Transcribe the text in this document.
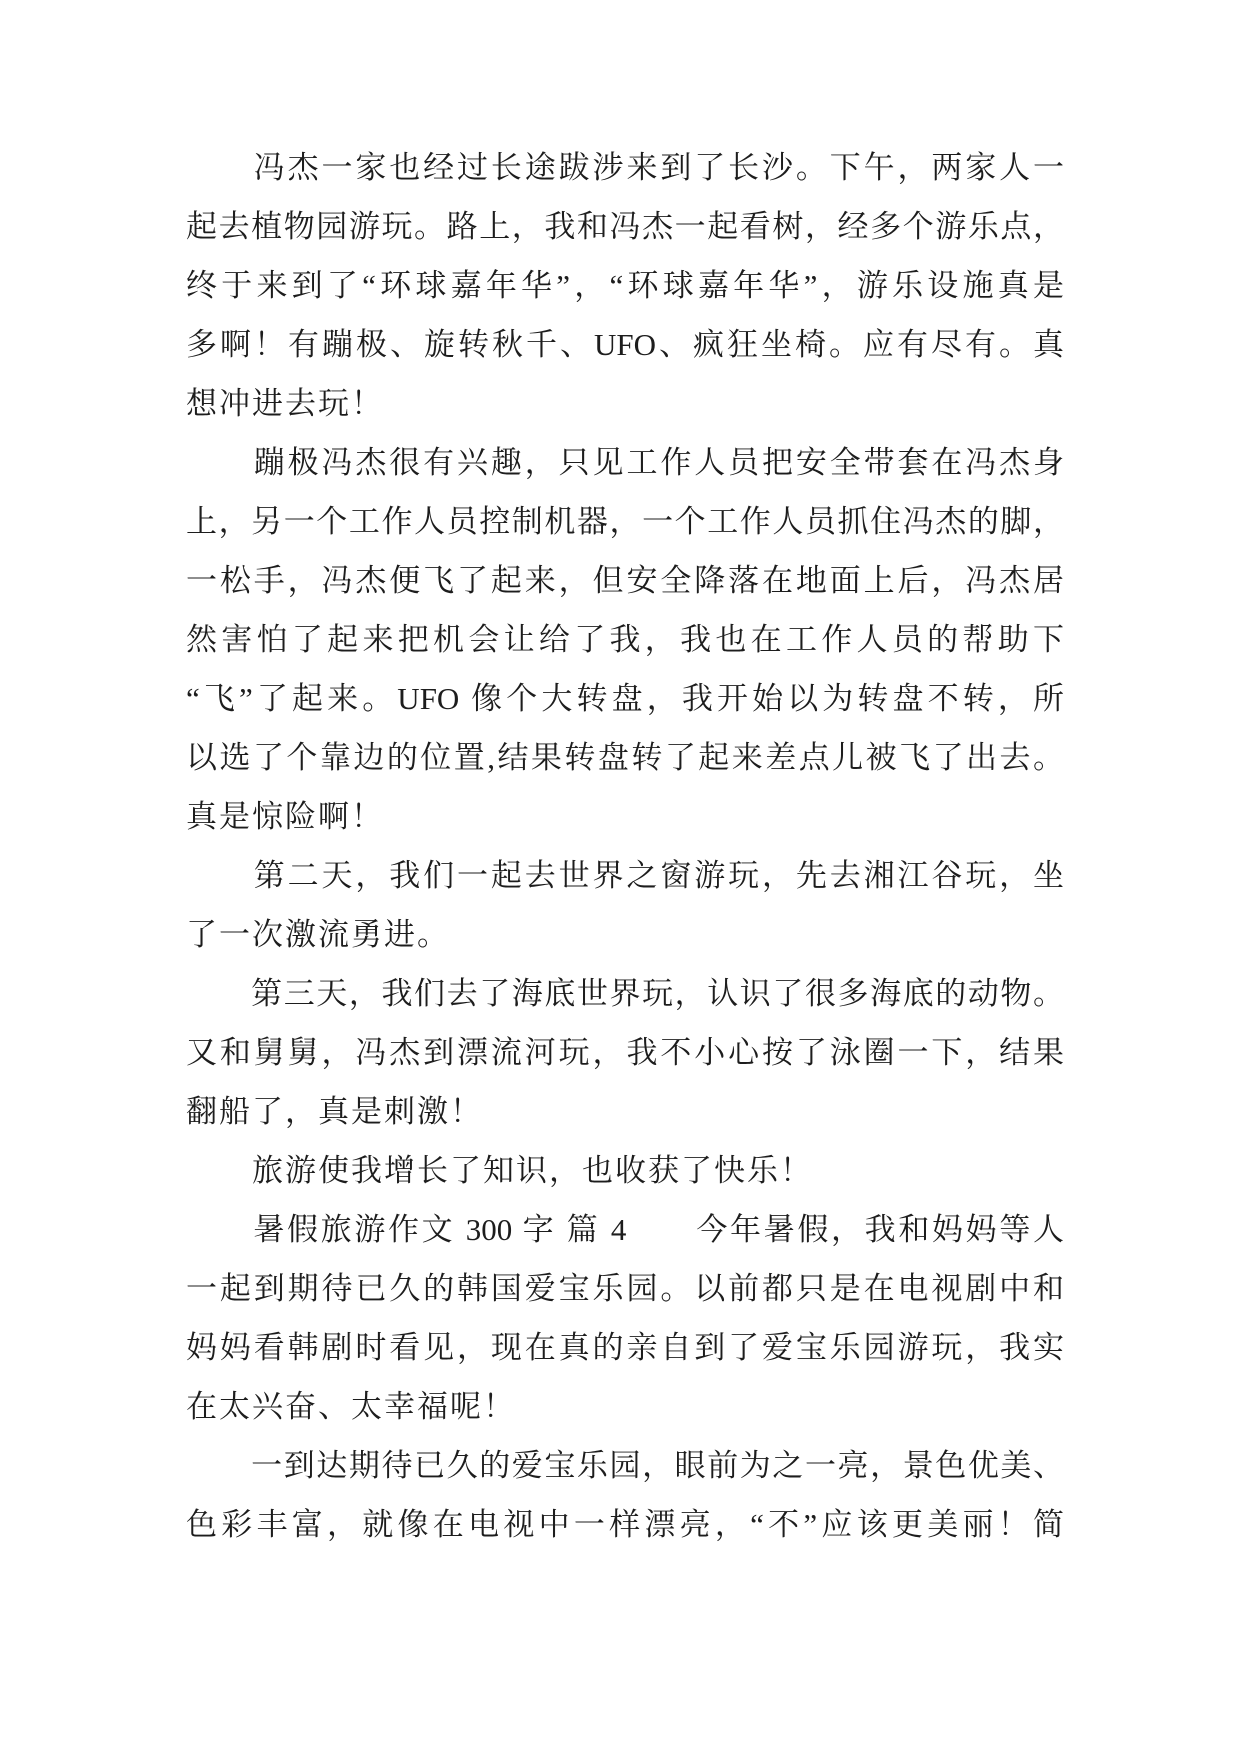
　　冯杰一家也经过长途跋涉来到了长沙。下午，两家人一
起去植物园游玩。路上，我和冯杰一起看树，经多个游乐点，
终于来到了“环球嘉年华”，“环球嘉年华”，游乐设施真是
多啊！有蹦极、旋转秋千、UFO、疯狂坐椅。应有尽有。真
想冲进去玩！
　　蹦极冯杰很有兴趣，只见工作人员把安全带套在冯杰身
上，另一个工作人员控制机器，一个工作人员抓住冯杰的脚，
一松手，冯杰便飞了起来，但安全降落在地面上后，冯杰居
然害怕了起来把机会让给了我，我也在工作人员的帮助下
“飞”了起来。UFO 像个大转盘，我开始以为转盘不转，所
以选了个靠边的位置,结果转盘转了起来差点儿被飞了出去。
真是惊险啊！
　　第二天，我们一起去世界之窗游玩，先去湘江谷玩，坐
了一次激流勇进。
　　第三天，我们去了海底世界玩，认识了很多海底的动物。
又和舅舅，冯杰到漂流河玩，我不小心按了泳圈一下，结果
翻船了，真是刺激！
　　旅游使我增长了知识，也收获了快乐！
　　暑假旅游作文 300 字 篇 4　　今年暑假，我和妈妈等人
一起到期待已久的韩国爱宝乐园。以前都只是在电视剧中和
妈妈看韩剧时看见，现在真的亲自到了爱宝乐园游玩，我实
在太兴奋、太幸福呢！
　　一到达期待已久的爱宝乐园，眼前为之一亮，景色优美、
色彩丰富，就像在电视中一样漂亮，“不”应该更美丽！简
